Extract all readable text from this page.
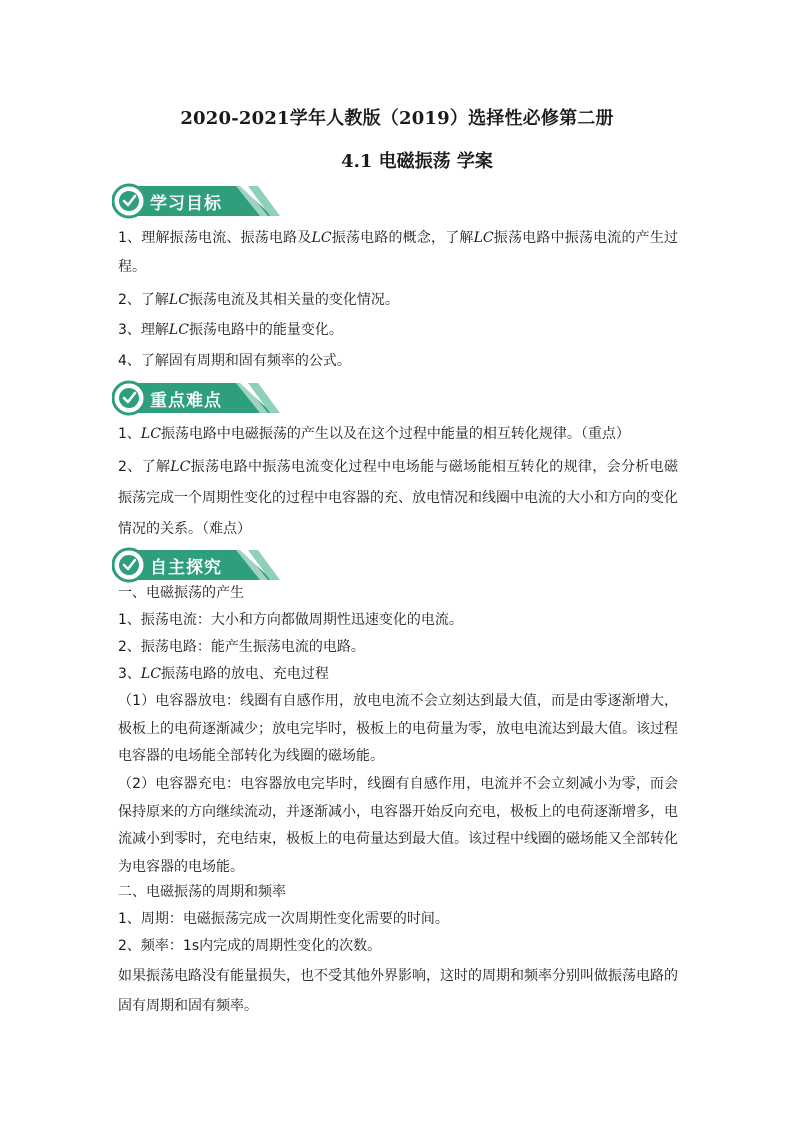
2020-2021学年人教版（2019）选择性必修第二册
4.1 电磁振荡 学案
学习目标
1、理解振荡电流、振荡电路及LC振荡电路的概念，了解LC振荡电路中振荡电流的产生过程。
2、了解LC振荡电流及其相关量的变化情况。
3、理解LC振荡电路中的能量变化。
4、了解固有周期和固有频率的公式。
重点难点
1、LC振荡电路中电磁振荡的产生以及在这个过程中能量的相互转化规律。（重点）
2、了解LC振荡电路中振荡电流变化过程中电场能与磁场能相互转化的规律，会分析电磁振荡完成一个周期性变化的过程中电容器的充、放电情况和线圈中电流的大小和方向的变化情况的关系。（难点）
自主探究
一、电磁振荡的产生
1、振荡电流：大小和方向都做周期性迅速变化的电流。
2、振荡电路：能产生振荡电流的电路。
3、LC振荡电路的放电、充电过程
（1）电容器放电：线圈有自感作用，放电电流不会立刻达到最大值，而是由零逐渐增大，极板上的电荷逐渐减少；放电完毕时，极板上的电荷量为零，放电电流达到最大值。该过程电容器的电场能全部转化为线圈的磁场能。
（2）电容器充电：电容器放电完毕时，线圈有自感作用，电流并不会立刻减小为零，而会保持原来的方向继续流动，并逐渐减小，电容器开始反向充电，极板上的电荷逐渐增多，电流减小到零时，充电结束，极板上的电荷量达到最大值。该过程中线圈的磁场能又全部转化为电容器的电场能。
二、电磁振荡的周期和频率
1、周期：电磁振荡完成一次周期性变化需要的时间。
2、频率：1s内完成的周期性变化的次数。
如果振荡电路没有能量损失，也不受其他外界影响，这时的周期和频率分别叫做振荡电路的固有周期和固有频率。
